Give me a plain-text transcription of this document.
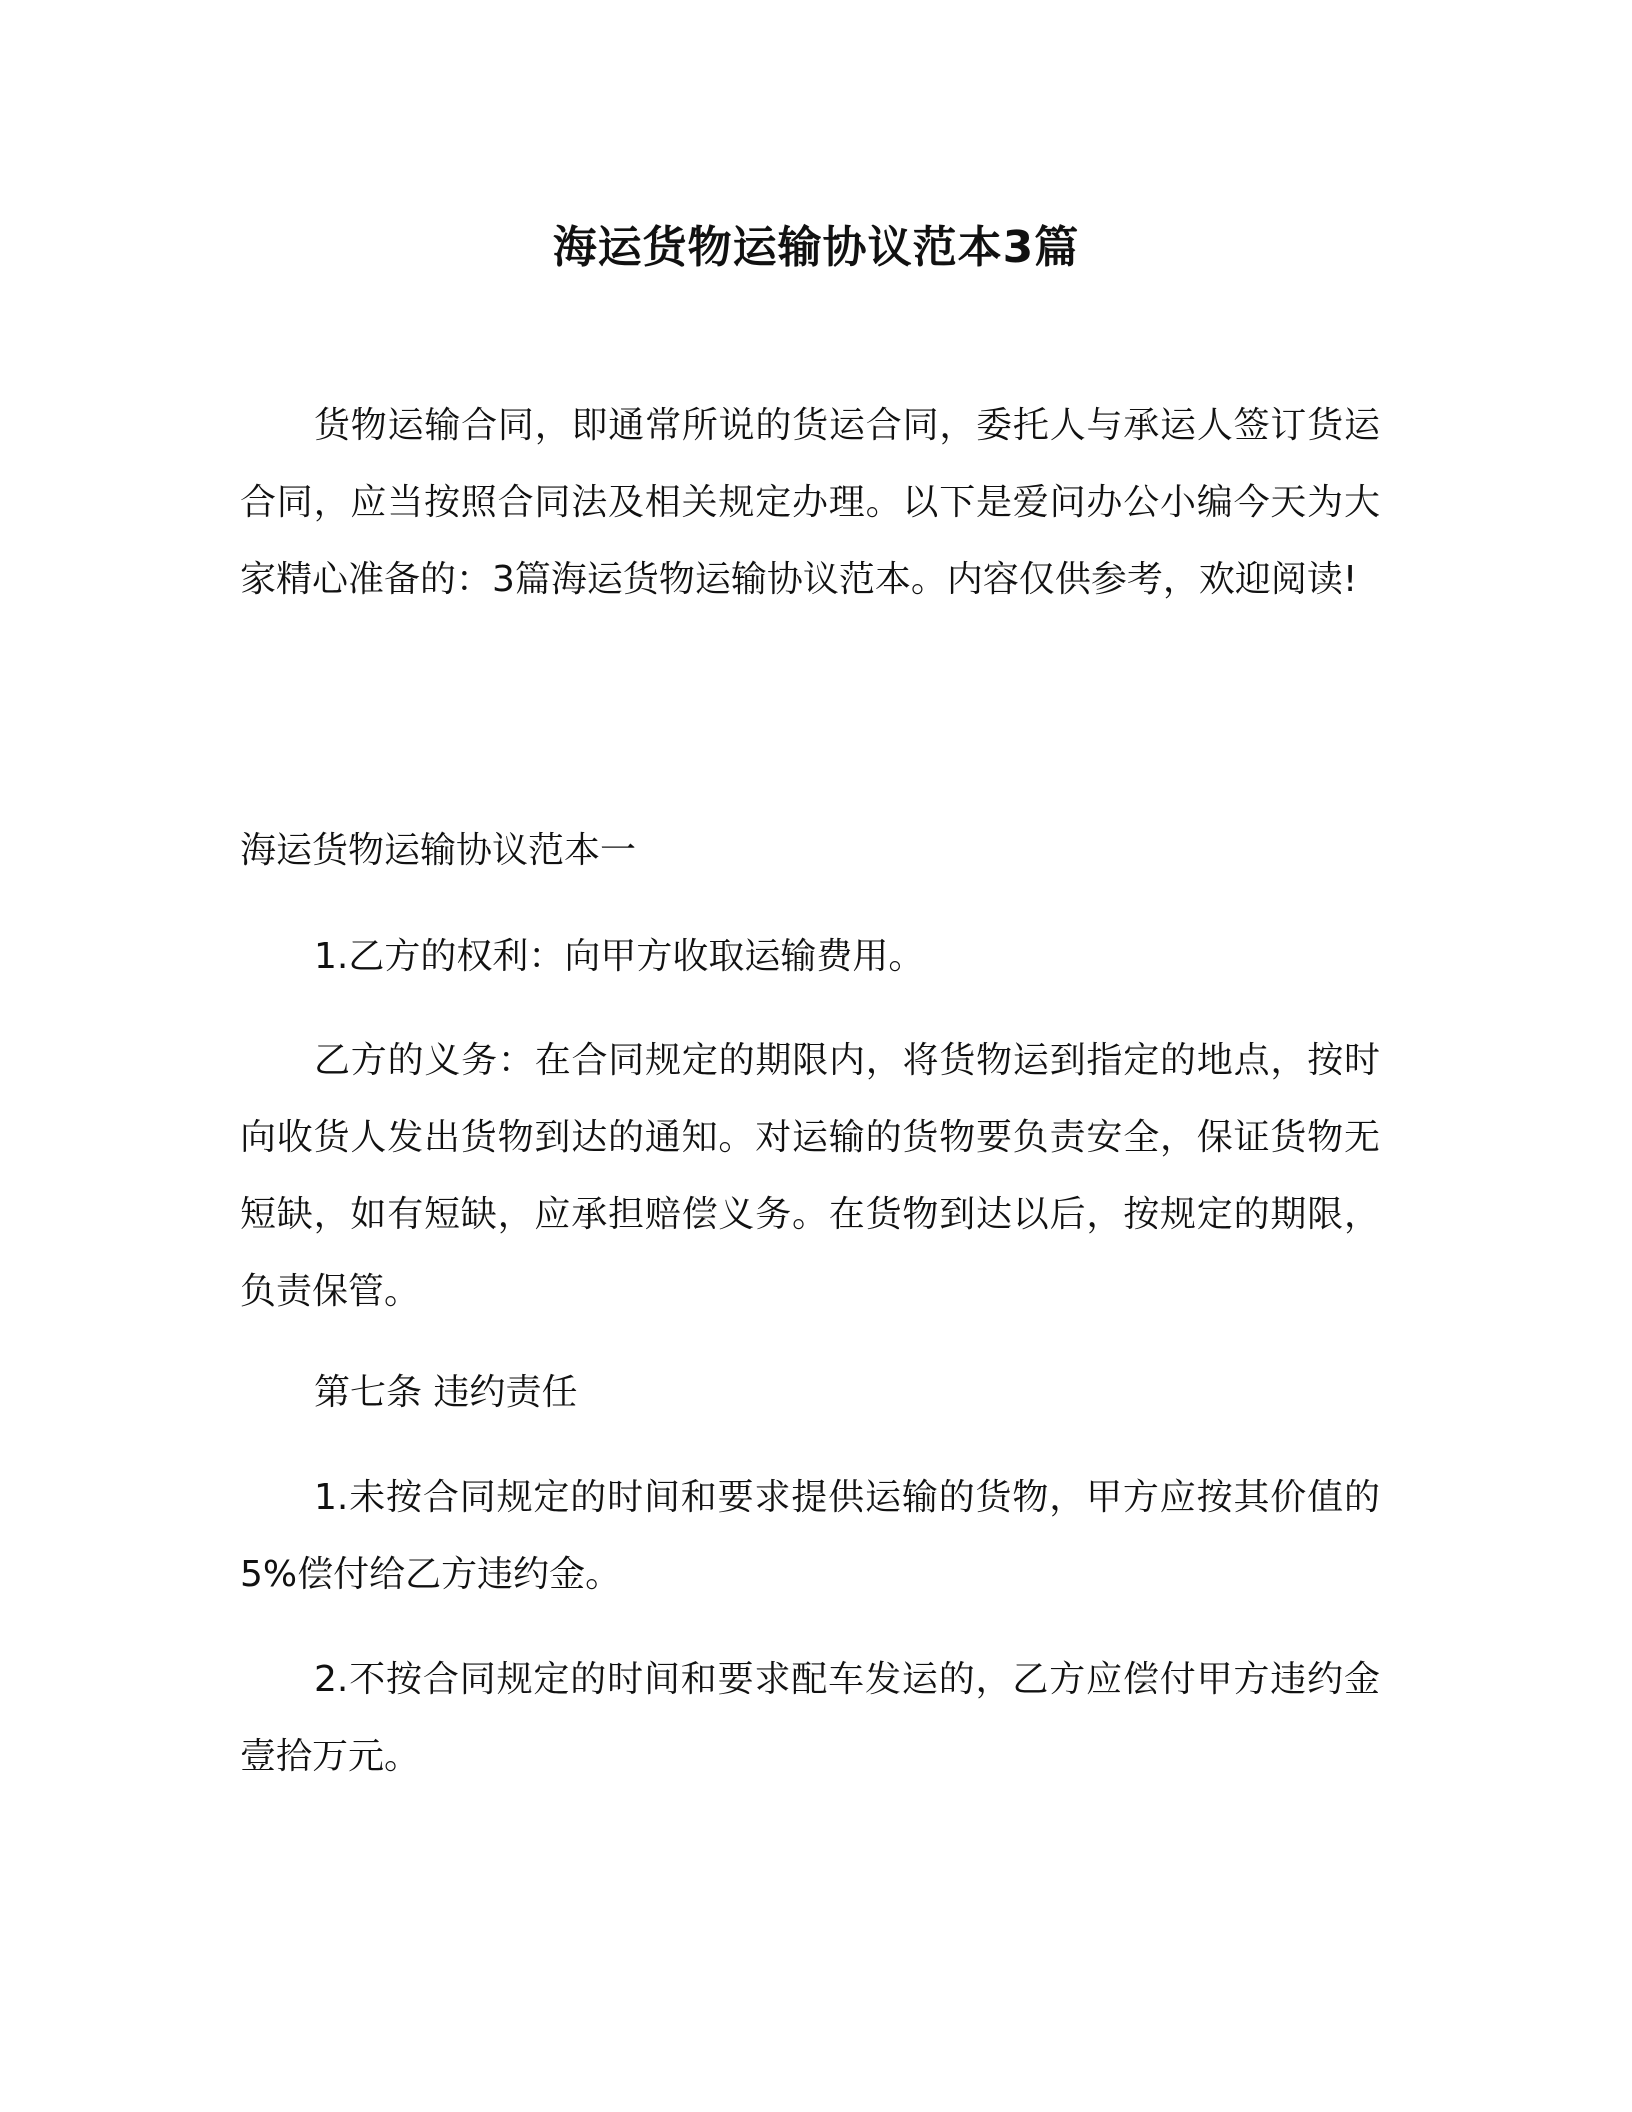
海运货物运输协议范本3篇

货物运输合同，即通常所说的货运合同，委托人与承运人签订货运合同，应当按照合同法及相关规定办理。以下是爱问办公小编今天为大家精心准备的：3篇海运货物运输协议范本。内容仅供参考，欢迎阅读!

海运货物运输协议范本一

1.乙方的权利：向甲方收取运输费用。

乙方的义务：在合同规定的期限内，将货物运到指定的地点，按时向收货人发出货物到达的通知。对运输的货物要负责安全，保证货物无短缺，如有短缺，应承担赔偿义务。在货物到达以后，按规定的期限，负责保管。

第七条 违约责任

1.未按合同规定的时间和要求提供运输的货物，甲方应按其价值的5%偿付给乙方违约金。

2.不按合同规定的时间和要求配车发运的，乙方应偿付甲方违约金壹拾万元。
